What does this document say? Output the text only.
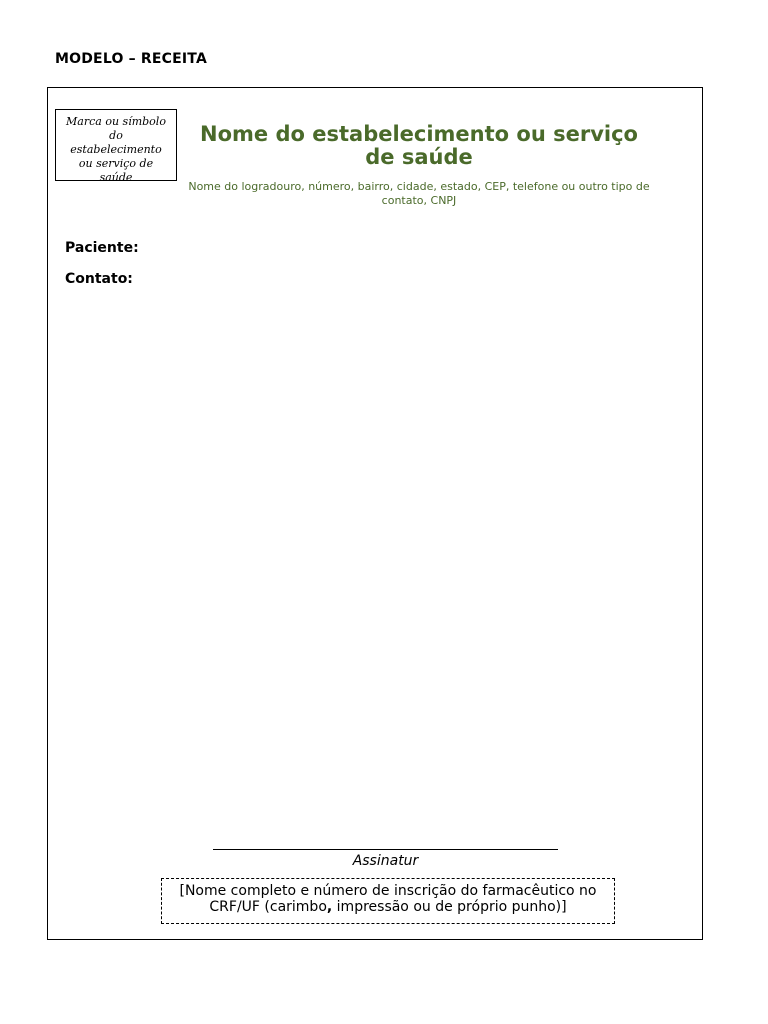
MODELO – RECEITA
Marca ou símbolo do estabelecimento ou serviço de saúde
Nome do estabelecimento ou serviço de saúde
Nome do logradouro, número, bairro, cidade, estado, CEP, telefone ou outro tipo de contato, CNPJ
Paciente:
Contato:
Assinatur
[Nome completo e número de inscrição do farmacêutico no CRF/UF (carimbo, impressão ou de próprio punho)]
